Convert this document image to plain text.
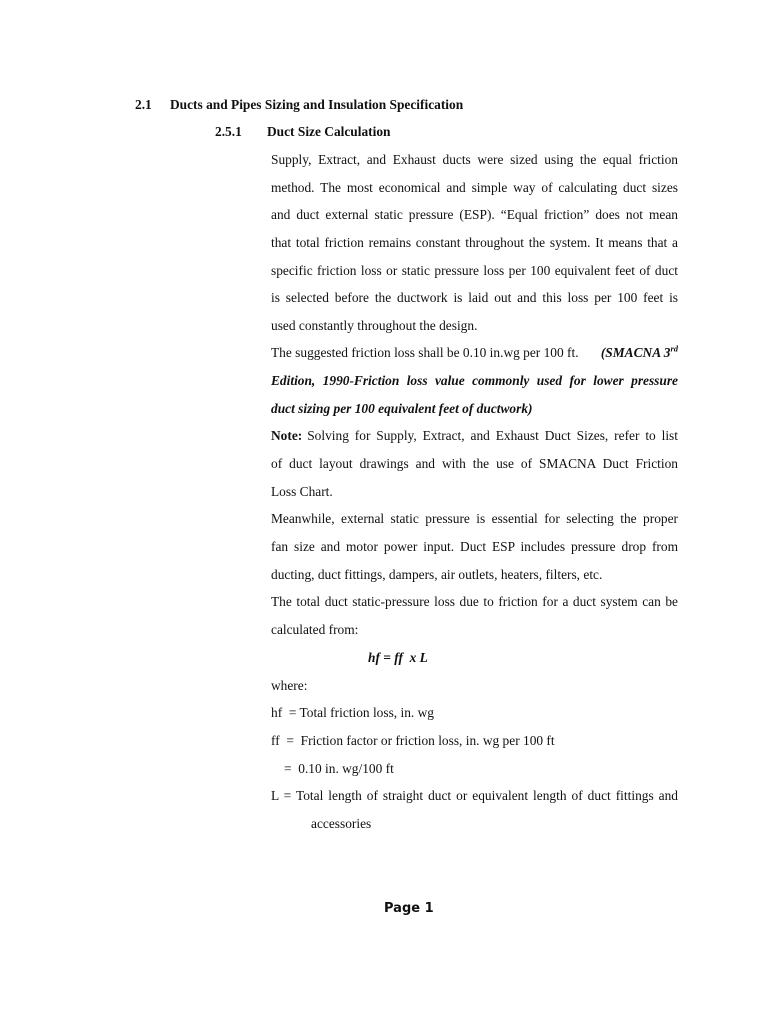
2.1 Ducts and Pipes Sizing and Insulation Specification
2.5.1 Duct Size Calculation
Supply, Extract, and Exhaust ducts were sized using the equal friction
method. The most economical and simple way of calculating duct sizes
and duct external static pressure (ESP). “Equal friction” does not mean
that total friction remains constant throughout the system. It means that a
specific friction loss or static pressure loss per 100 equivalent feet of duct
is selected before the ductwork is laid out and this loss per 100 feet is
used constantly throughout the design.
The suggested friction loss shall be 0.10 in.wg per 100 ft. (SMACNA 3rd
Edition, 1990-Friction loss value commonly used for lower pressure
duct sizing per 100 equivalent feet of ductwork)
Note: Solving for Supply, Extract, and Exhaust Duct Sizes, refer to list
of duct layout drawings and with the use of SMACNA Duct Friction
Loss Chart.
Meanwhile, external static pressure is essential for selecting the proper
fan size and motor power input. Duct ESP includes pressure drop from
ducting, duct fittings, dampers, air outlets, heaters, filters, etc.
The total duct static-pressure loss due to friction for a duct system can be
calculated from:
hf = ff  x L
where:
hf  = Total friction loss, in. wg
ff  =  Friction factor or friction loss, in. wg per 100 ft
=  0.10 in. wg/100 ft
L = Total length of straight duct or equivalent length of duct fittings and
accessories
Page 1
